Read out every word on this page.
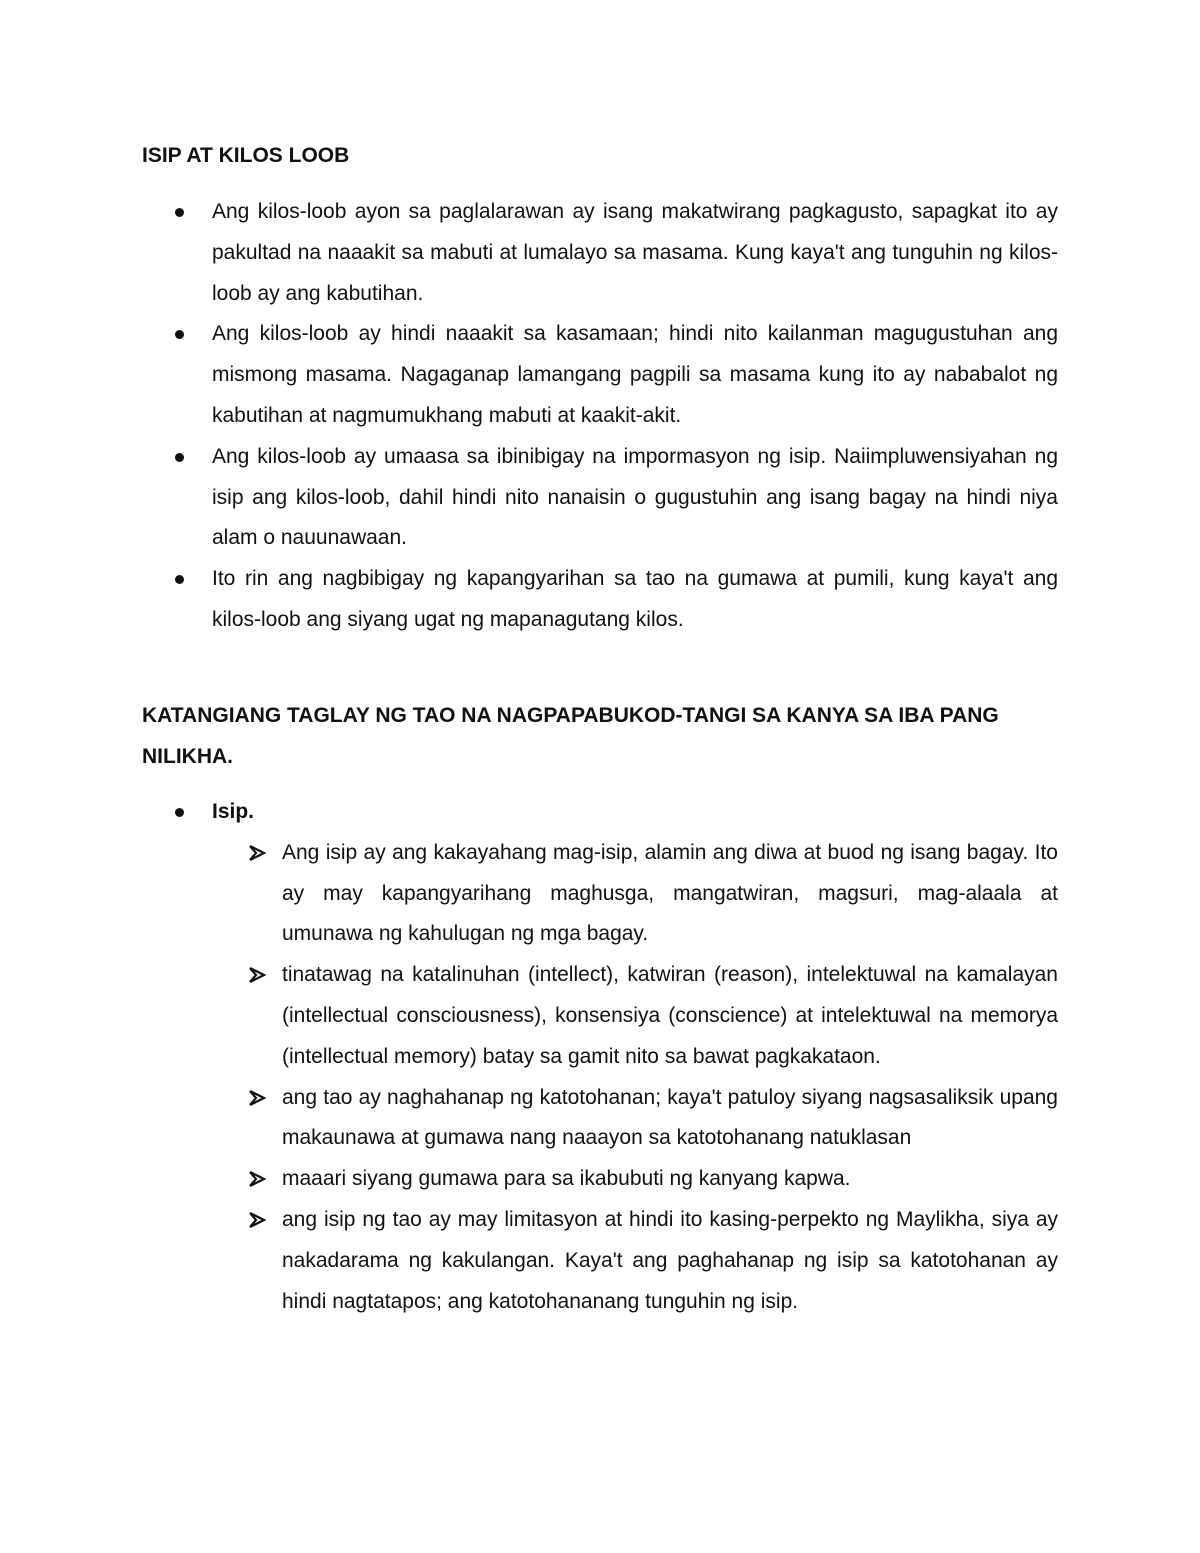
ISIP AT KILOS LOOB
Ang kilos-loob ayon sa paglalarawan ay isang makatwirang pagkagusto, sapagkat ito ay pakultad na naaakit sa mabuti at lumalayo sa masama. Kung kaya't ang tunguhin ng kilos-loob ay ang kabutihan.
Ang kilos-loob ay hindi naaakit sa kasamaan; hindi nito kailanman magugustuhan ang mismong masama. Nagaganap lamangang pagpili sa masama kung ito ay nababalot ng kabutihan at nagmumukhang mabuti at kaakit-akit.
Ang kilos-loob ay umaasa sa ibinibigay na impormasyon ng isip. Naiimpluwensiyahan ng isip ang kilos-loob, dahil hindi nito nanaisin o gugustuhin ang isang bagay na hindi niya alam o nauunawaan.
Ito rin ang nagbibigay ng kapangyarihan sa tao na gumawa at pumili, kung kaya't ang kilos-loob ang siyang ugat ng mapanagutang kilos.
KATANGIANG TAGLAY NG TAO NA NAGPAPABUKOD-TANGI SA KANYA SA IBA PANG NILIKHA.
Isip.
Ang isip ay ang kakayahang mag-isip, alamin ang diwa at buod ng isang bagay. Ito ay may kapangyarihang maghusga, mangatwiran, magsuri, mag-alaala at umunawa ng kahulugan ng mga bagay.
tinatawag na katalinuhan (intellect), katwiran (reason), intelektuwal na kamalayan (intellectual consciousness), konsensiya (conscience) at intelektuwal na memorya (intellectual memory) batay sa gamit nito sa bawat pagkakataon.
ang tao ay naghahanap ng katotohanan; kaya't patuloy siyang nagsasaliksik upang makaunawa at gumawa nang naaayon sa katotohanang natuklasan
maaari siyang gumawa para sa ikabubuti ng kanyang kapwa.
ang isip ng tao ay may limitasyon at hindi ito kasing-perpekto ng Maylikha, siya ay nakadarama ng kakulangan. Kaya't ang paghahanap ng isip sa katotohanan ay hindi nagtatapos; ang katotohananang tunguhin ng isip.
